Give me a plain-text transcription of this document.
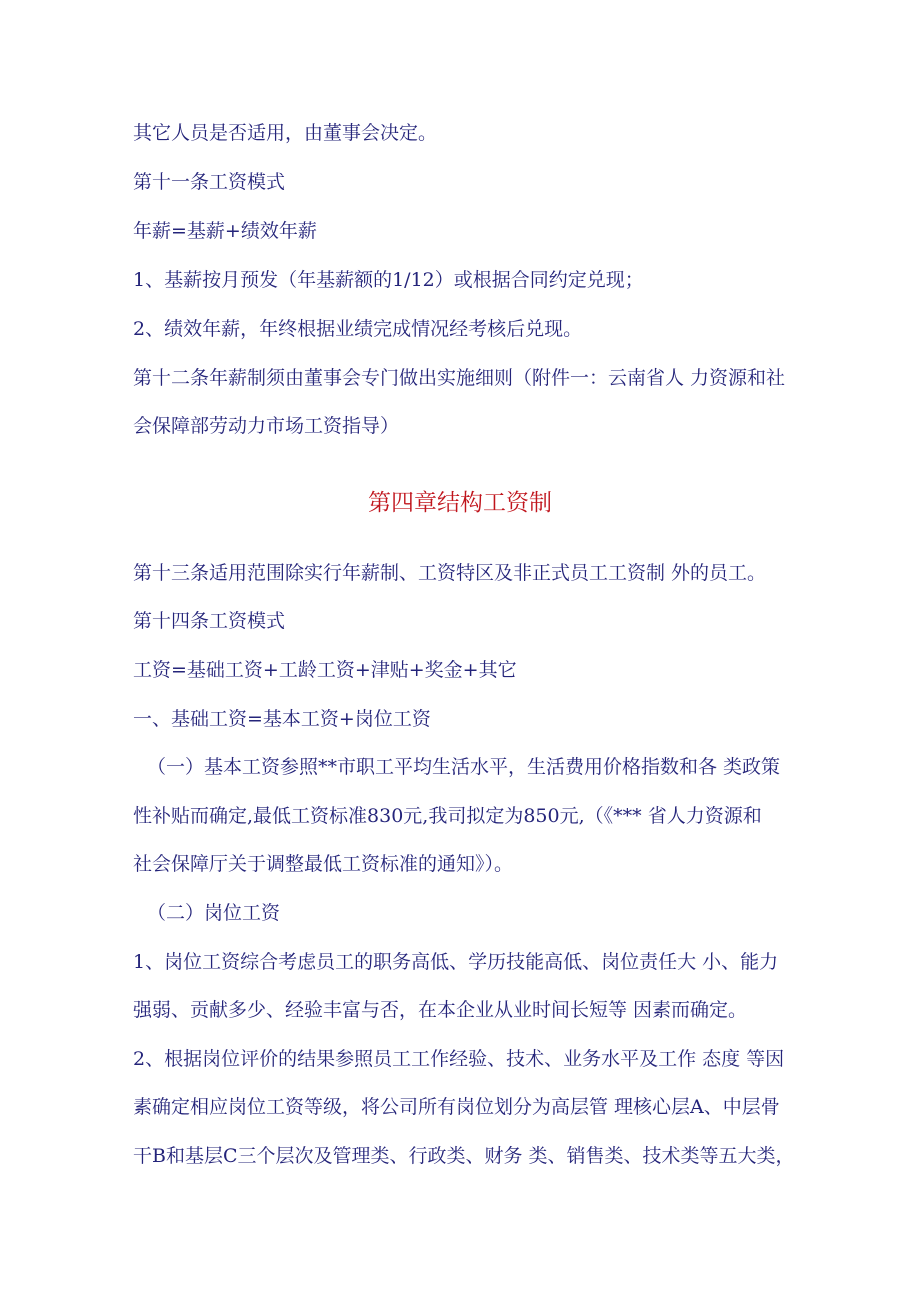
其它人员是否适用，由董事会决定。
第十一条工资模式
年薪=基薪+绩效年薪
1、基薪按月预发（年基薪额的1/12）或根据合同约定兑现；
2、绩效年薪，年终根据业绩完成情况经考核后兑现。
第十二条年薪制须由董事会专门做出实施细则（附件一：云南省人 力资源和社
会保障部劳动力市场工资指导）
第四章结构工资制
第十三条适用范围除实行年薪制、工资特区及非正式员工工资制 外的员工。
第十四条工资模式
工资=基础工资+工龄工资+津贴+奖金+其它
一、基础工资=基本工资+岗位工资
（一）基本工资参照**市职工平均生活水平，生活费用价格指数和各 类政策
性补贴而确定,最低工资标准830元,我司拟定为850元,（《*** 省人力资源和
社会保障厅关于调整最低工资标准的通知》）。
（二）岗位工资
1、岗位工资综合考虑员工的职务高低、学历技能高低、岗位责任大 小、能力
强弱、贡献多少、经验丰富与否，在本企业从业时间长短等 因素而确定。
2、根据岗位评价的结果参照员工工作经验、技术、业务水平及工作 态度 等因
素确定相应岗位工资等级，将公司所有岗位划分为高层管 理核心层A、中层骨
干B和基层C三个层次及管理类、行政类、财务 类、销售类、技术类等五大类，
